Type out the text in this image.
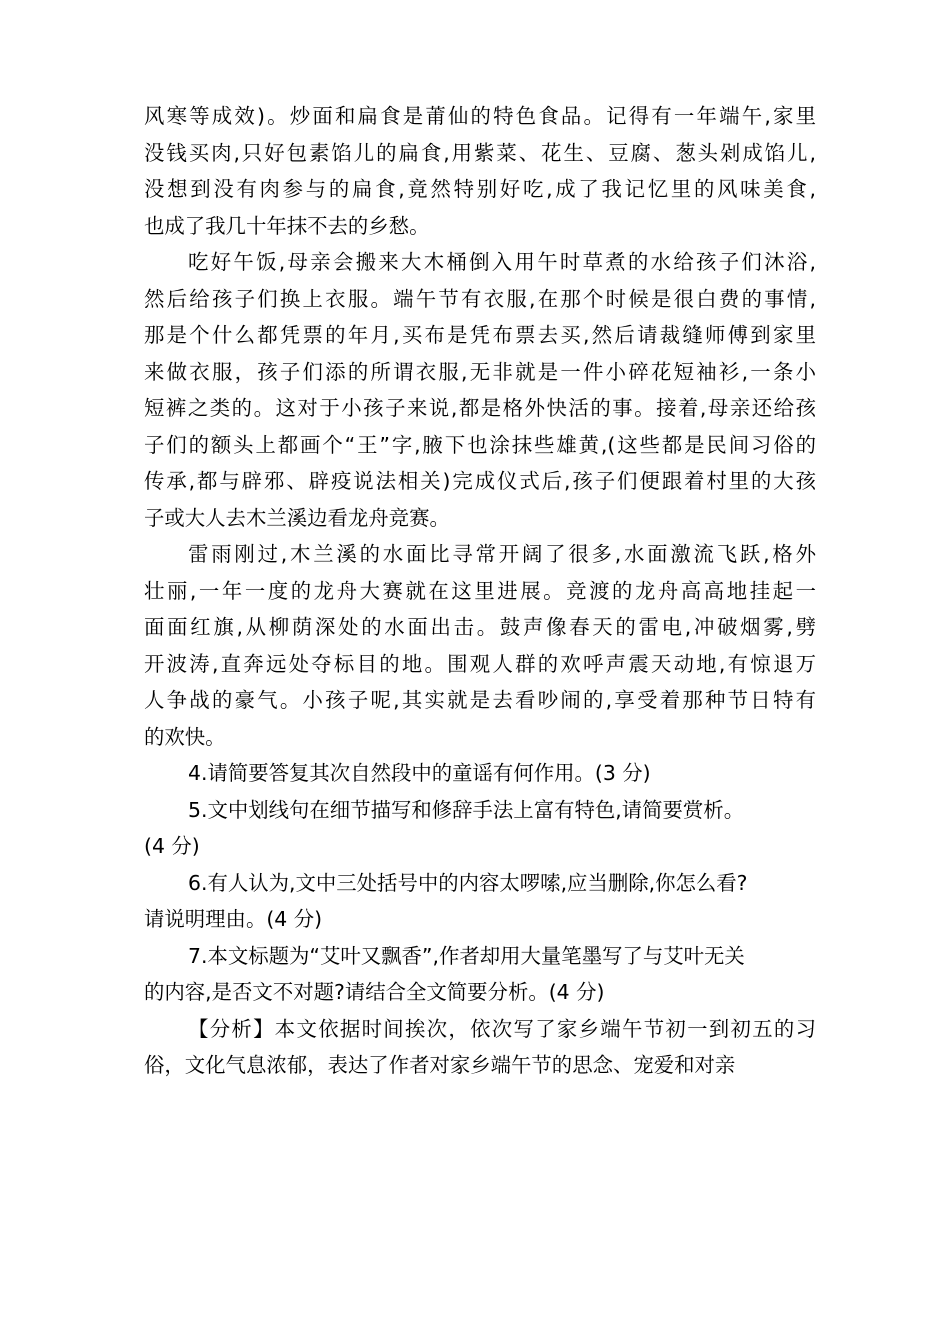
风寒等成效)。炒面和扁食是莆仙的特色食品。记得有一年端午,家里
没钱买肉,只好包素馅儿的扁食,用紫菜、花生、豆腐、葱头剁成馅儿,
没想到没有肉参与的扁食,竟然特别好吃,成了我记忆里的风味美食,
也成了我几十年抹不去的乡愁。
吃好午饭,母亲会搬来大木桶倒入用午时草煮的水给孩子们沐浴,
然后给孩子们换上衣服。端午节有衣服,在那个时候是很白费的事情,
那是个什么都凭票的年月,买布是凭布票去买,然后请裁缝师傅到家里
来做衣服，孩子们添的所谓衣服,无非就是一件小碎花短袖衫,一条小
短裤之类的。这对于小孩子来说,都是格外快活的事。接着,母亲还给孩
子们的额头上都画个“王”字,腋下也涂抹些雄黄,(这些都是民间习俗的
传承,都与辟邪、辟疫说法相关)完成仪式后,孩子们便跟着村里的大孩
子或大人去木兰溪边看龙舟竞赛。
雷雨刚过,木兰溪的水面比寻常开阔了很多,水面激流飞跃,格外
壮丽,一年一度的龙舟大赛就在这里进展。竞渡的龙舟高高地挂起一
面面红旗,从柳荫深处的水面出击。鼓声像春天的雷电,冲破烟雾,劈
开波涛,直奔远处夺标目的地。围观人群的欢呼声震天动地,有惊退万
人争战的豪气。小孩子呢,其实就是去看吵闹的,享受着那种节日特有
的欢快。
4.请简要答复其次自然段中的童谣有何作用。(3 分)
5.文中划线句在细节描写和修辞手法上富有特色,请简要赏析。
(4 分)
6.有人认为,文中三处括号中的内容太啰嗦,应当删除,你怎么看?
请说明理由。(4 分)
7.本文标题为“艾叶又飘香”,作者却用大量笔墨写了与艾叶无关
的内容,是否文不对题?请结合全文简要分析。(4 分)
【分析】本文依据时间挨次，依次写了家乡端午节初一到初五的习
俗，文化气息浓郁，表达了作者对家乡端午节的思念、宠爱和对亲
